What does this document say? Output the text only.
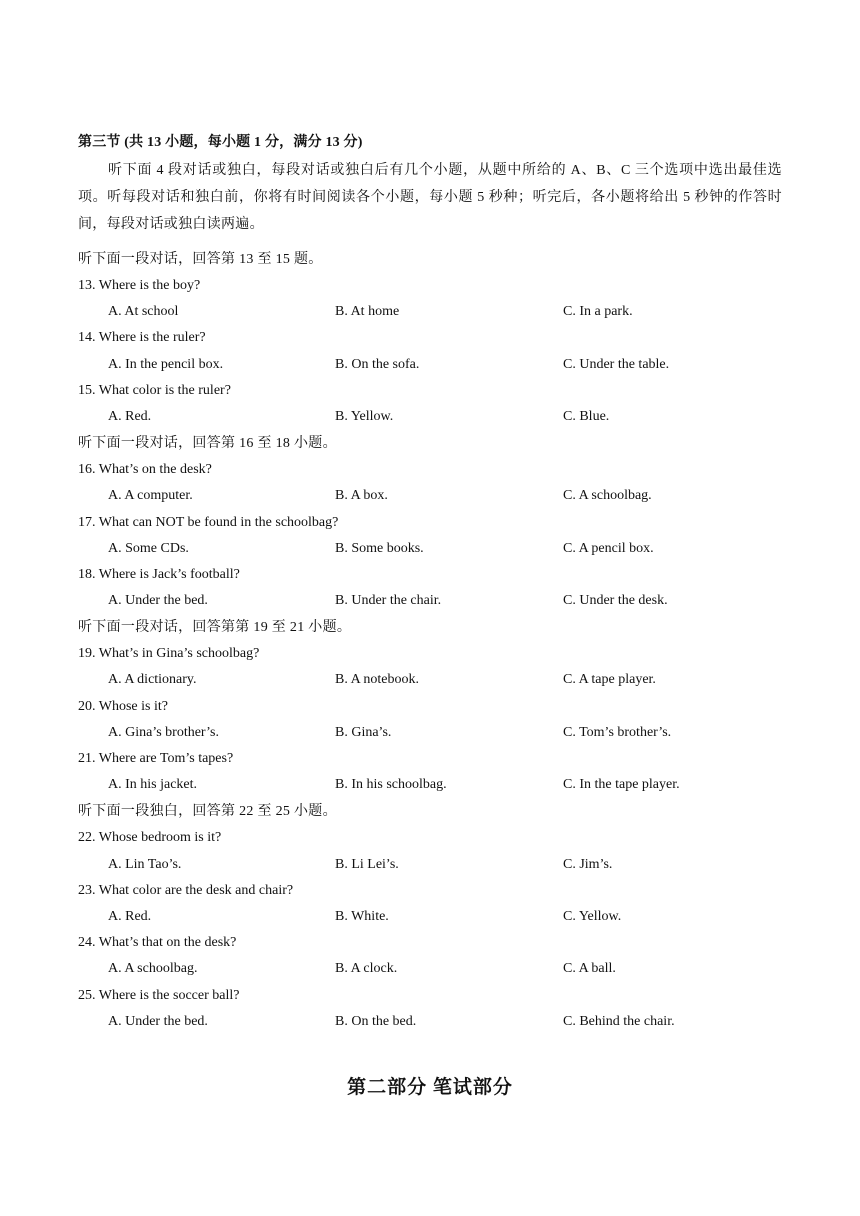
第三节 (共 13 小题，每小题 1 分，满分 13 分)
听下面 4 段对话或独白，每段对话或独白后有几个小题，从题中所给的 A、B、C 三个选项中选出最佳选项。听每段对话和独白前，你将有时间阅读各个小题，每小题 5 秒种；听完后，各小题将给出 5 秒钟的作答时间，每段对话或独白读两遍。
听下面一段对话，回答第 13 至 15 题。
13. Where is the boy?
A. At school	B. At home	C. In a park.
14. Where is the ruler?
A. In the pencil box.	B. On the sofa.	C. Under the table.
15. What color is the ruler?
A. Red.	B. Yellow.	C. Blue.
听下面一段对话，回答第 16 至 18 小题。
16. What’s on the desk?
A. A computer.	B. A box.	C. A schoolbag.
17. What can NOT be found in the schoolbag?
A. Some CDs.	B. Some books.	C. A pencil box.
18. Where is Jack’s football?
A. Under the bed.	B. Under the chair.	C. Under the desk.
听下面一段对话，回答第第 19 至 21 小题。
19. What’s in Gina’s schoolbag?
A. A dictionary.	B. A notebook.	C. A tape player.
20. Whose is it?
A. Gina’s brother’s.	B. Gina’s.	C. Tom’s brother’s.
21. Where are Tom’s tapes?
A. In his jacket.	B. In his schoolbag.	C. In the tape player.
听下面一段独白，回答第 22 至 25 小题。
22. Whose bedroom is it?
A. Lin Tao’s.	B. Li Lei’s.	C. Jim’s.
23. What color are the desk and chair?
A. Red.	B. White.	C. Yellow.
24. What’s that on the desk?
A. A schoolbag.	B. A clock.	C. A ball.
25. Where is the soccer ball?
A. Under the bed.	B. On the bed.	C. Behind the chair.
第二部分 笔试部分
